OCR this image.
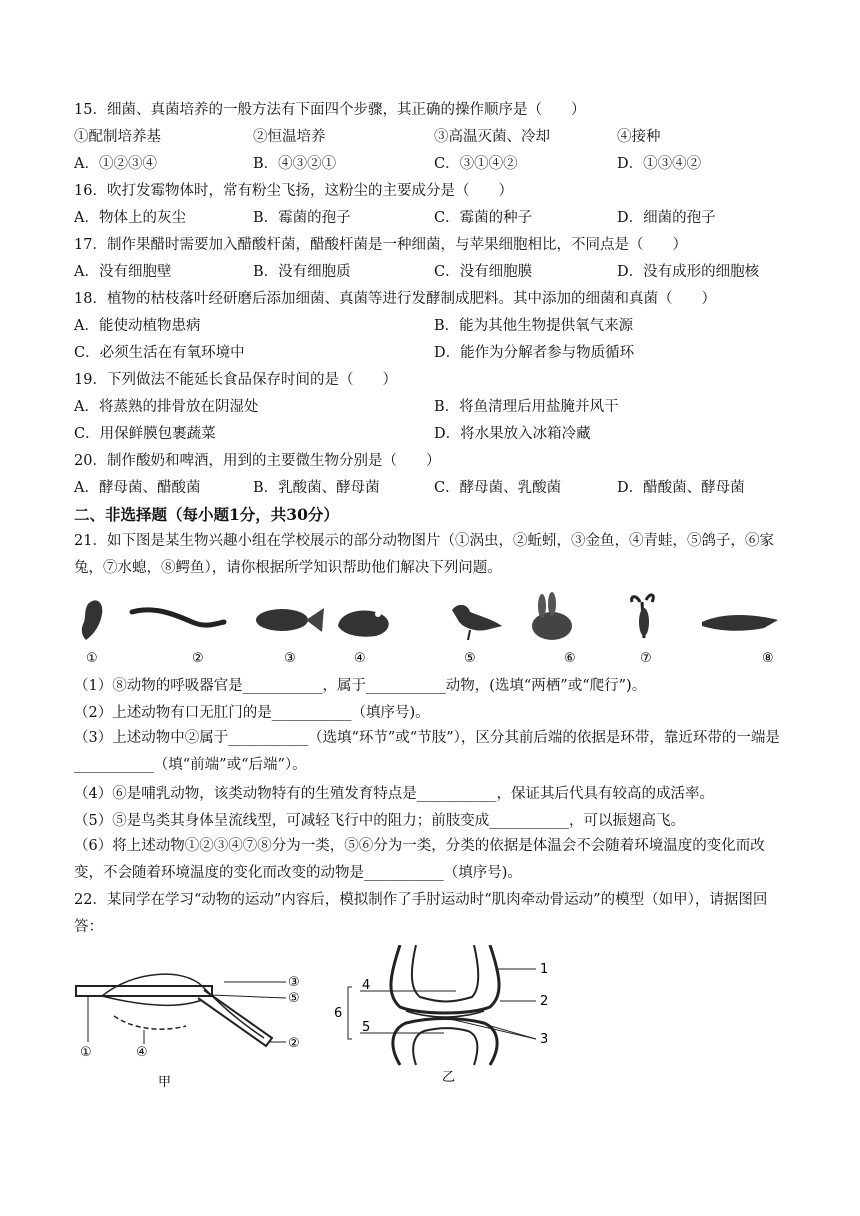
15．细菌、真菌培养的一般方法有下面四个步骤，其正确的操作顺序是（　　）
①配制培养基	②恒温培养	③高温灭菌、冷却	④接种
A．①②③④	B．④③②①	C．③①④②	D．①③④②
16．吹打发霉物体时，常有粉尘飞扬，这粉尘的主要成分是（　　）
A．物体上的灰尘	B．霉菌的孢子	C．霉菌的种子	D．细菌的孢子
17．制作果醋时需要加入醋酸杆菌，醋酸杆菌是一种细菌，与苹果细胞相比，不同点是（　　）
A．没有细胞壁	B．没有细胞质	C．没有细胞膜	D．没有成形的细胞核
18．植物的枯枝落叶经研磨后添加细菌、真菌等进行发酵制成肥料。其中添加的细菌和真菌（　　）
A．能使动植物患病	B．能为其他生物提供氧气来源
C．必须生活在有氧环境中	D．能作为分解者参与物质循环
19．下列做法不能延长食品保存时间的是（　　）
A．将蒸熟的排骨放在阴湿处	B．将鱼清理后用盐腌并风干
C．用保鲜膜包裹蔬菜	D．将水果放入冰箱冷藏
20．制作酸奶和啤酒，用到的主要微生物分别是（　　）
A．酵母菌、醋酸菌	B．乳酸菌、酵母菌	C．酵母菌、乳酸菌	D．醋酸菌、酵母菌
二、非选择题（每小题1分，共30分）
21．如下图是某生物兴趣小组在学校展示的部分动物图片（①涡虫，②蚯蚓，③金鱼，④青蛙，⑤鸽子，⑥家兔，⑦水螅，⑧鳄鱼），请你根据所学知识帮助他们解决下列问题。
①	②	③	④	⑤	⑥	⑦	⑧
（1）⑧动物的呼吸器官是___________，属于___________动物，(选填“两栖”或“爬行”)。
（2）上述动物有口无肛门的是___________（填序号)。
（3）上述动物中②属于___________（选填“环节”或“节肢”），区分其前后端的依据是环带，靠近环带的一端是___________（填“前端”或“后端”）。
（4）⑥是哺乳动物，该类动物特有的生殖发育特点是___________，保证其后代具有较高的成活率。
（5）⑤是鸟类其身体呈流线型，可减轻飞行中的阻力；前肢变成___________，可以振翅高飞。
（6）将上述动物①②③④⑦⑧分为一类，⑤⑥分为一类，分类的依据是体温会不会随着环境温度的变化而改变，不会随着环境温度的变化而改变的动物是___________（填序号)。
22．某同学在学习“动物的运动”内容后，模拟制作了手肘运动时“肌肉牵动骨运动”的模型（如甲），请据图回答：
①
②
③
④
⑤
甲
1
2
3
4
5
6
乙
